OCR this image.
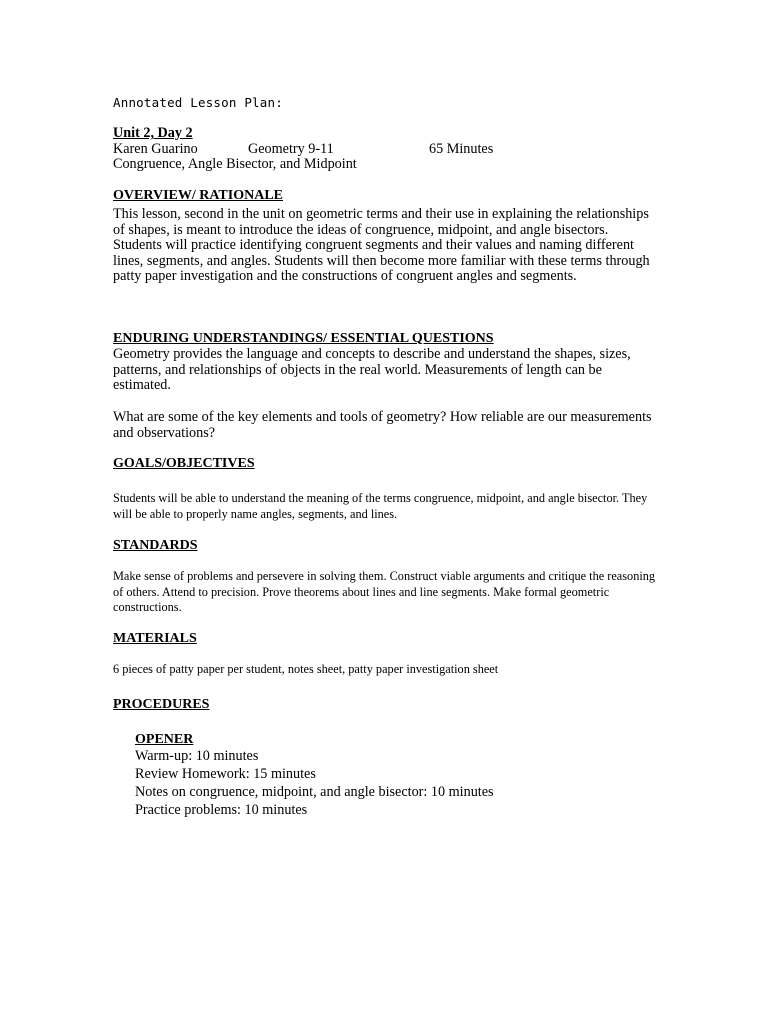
Annotated Lesson Plan:
Unit 2, Day 2
Karen Guarino	Geometry 9-11	65 Minutes
Congruence, Angle Bisector, and Midpoint
OVERVIEW/ RATIONALE

This lesson, second in the unit on geometric terms and their use in explaining the relationships of shapes, is meant to introduce the ideas of congruence, midpoint, and angle bisectors. Students will practice identifying congruent segments and their values and naming different lines, segments, and angles. Students will then become more familiar with these terms through patty paper investigation and the constructions of congruent angles and segments.

ENDURING UNDERSTANDINGS/ ESSENTIAL QUESTIONS

Geometry provides the language and concepts to describe and understand the shapes, sizes, patterns, and relationships of objects in the real world. Measurements of length can be estimated.

What are some of the key elements and tools of geometry? How reliable are our measurements and observations?

GOALS/OBJECTIVES

Students will be able to understand the meaning of the terms congruence, midpoint, and angle bisector. They will be able to properly name angles, segments, and lines.

STANDARDS

Make sense of problems and persevere in solving them. Construct viable arguments and critique the reasoning of others. Attend to precision. Prove theorems about lines and line segments. Make formal geometric constructions.

MATERIALS

6 pieces of patty paper per student, notes sheet, patty paper investigation sheet

PROCEDURES
OPENER
Warm-up: 10 minutes
Review Homework: 15 minutes
Notes on congruence, midpoint, and angle bisector: 10 minutes
Practice problems: 10 minutes
